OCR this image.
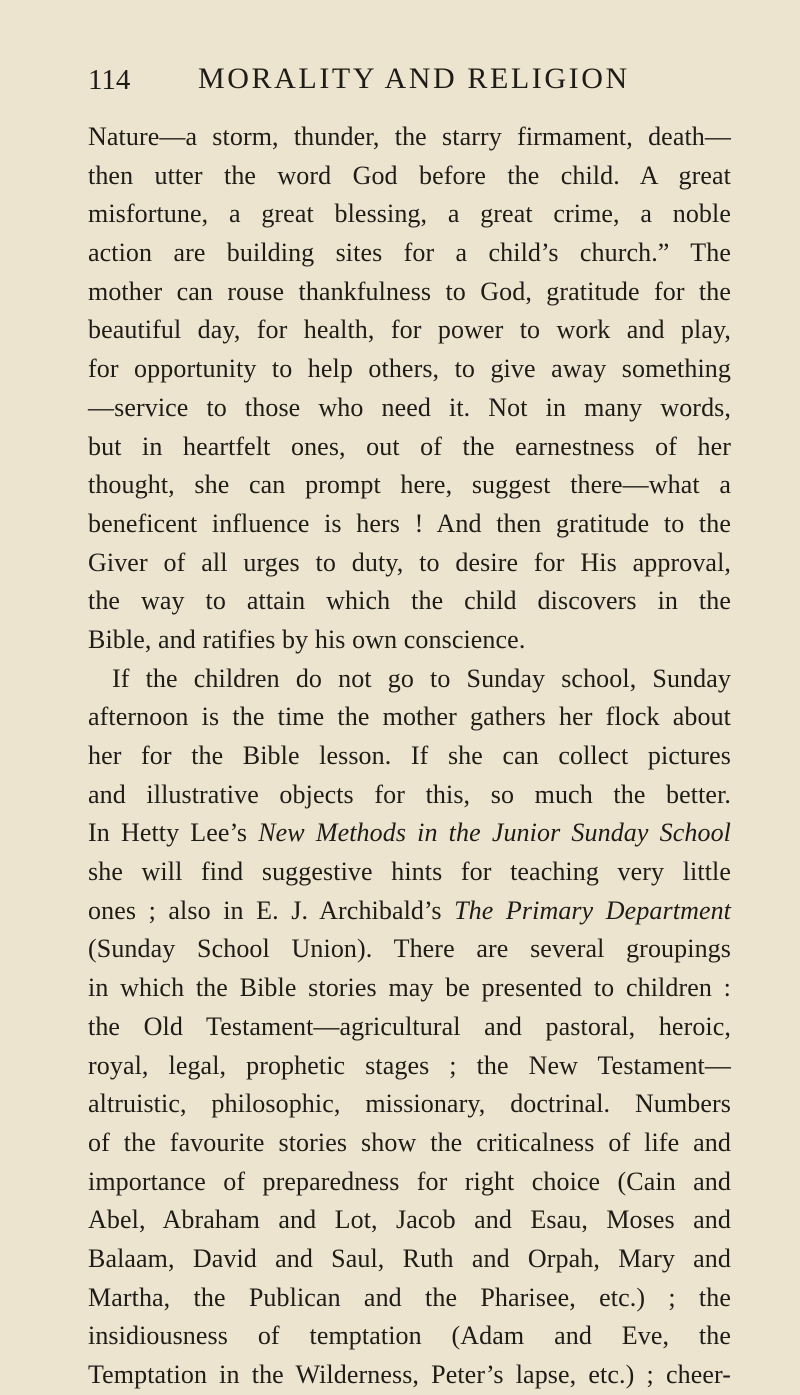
114 MORALITY AND RELIGION
Nature—a storm, thunder, the starry firmament, death—
then utter the word God before the child. A great
misfortune, a great blessing, a great crime, a noble
action are building sites for a child’s church.” The
mother can rouse thankfulness to God, gratitude for the
beautiful day, for health, for power to work and play,
for opportunity to help others, to give away something
—service to those who need it. Not in many words,
but in heartfelt ones, out of the earnestness of her
thought, she can prompt here, suggest there—what a
beneficent influence is hers ! And then gratitude to the
Giver of all urges to duty, to desire for His approval,
the way to attain which the child discovers in the
Bible, and ratifies by his own conscience.
If the children do not go to Sunday school, Sunday
afternoon is the time the mother gathers her flock about
her for the Bible lesson. If she can collect pictures
and illustrative objects for this, so much the better.
In Hetty Lee’s New Methods in the Junior Sunday School
she will find suggestive hints for teaching very little
ones ; also in E. J. Archibald’s The Primary Department
(Sunday School Union). There are several groupings
in which the Bible stories may be presented to children :
the Old Testament—agricultural and pastoral, heroic,
royal, legal, prophetic stages ; the New Testament—
altruistic, philosophic, missionary, doctrinal. Numbers
of the favourite stories show the criticalness of life and
importance of preparedness for right choice (Cain and
Abel, Abraham and Lot, Jacob and Esau, Moses and
Balaam, David and Saul, Ruth and Orpah, Mary and
Martha, the Publican and the Pharisee, etc.) ; the
insidiousness of temptation (Adam and Eve, the
Temptation in the Wilderness, Peter’s lapse, etc.) ; cheer-
